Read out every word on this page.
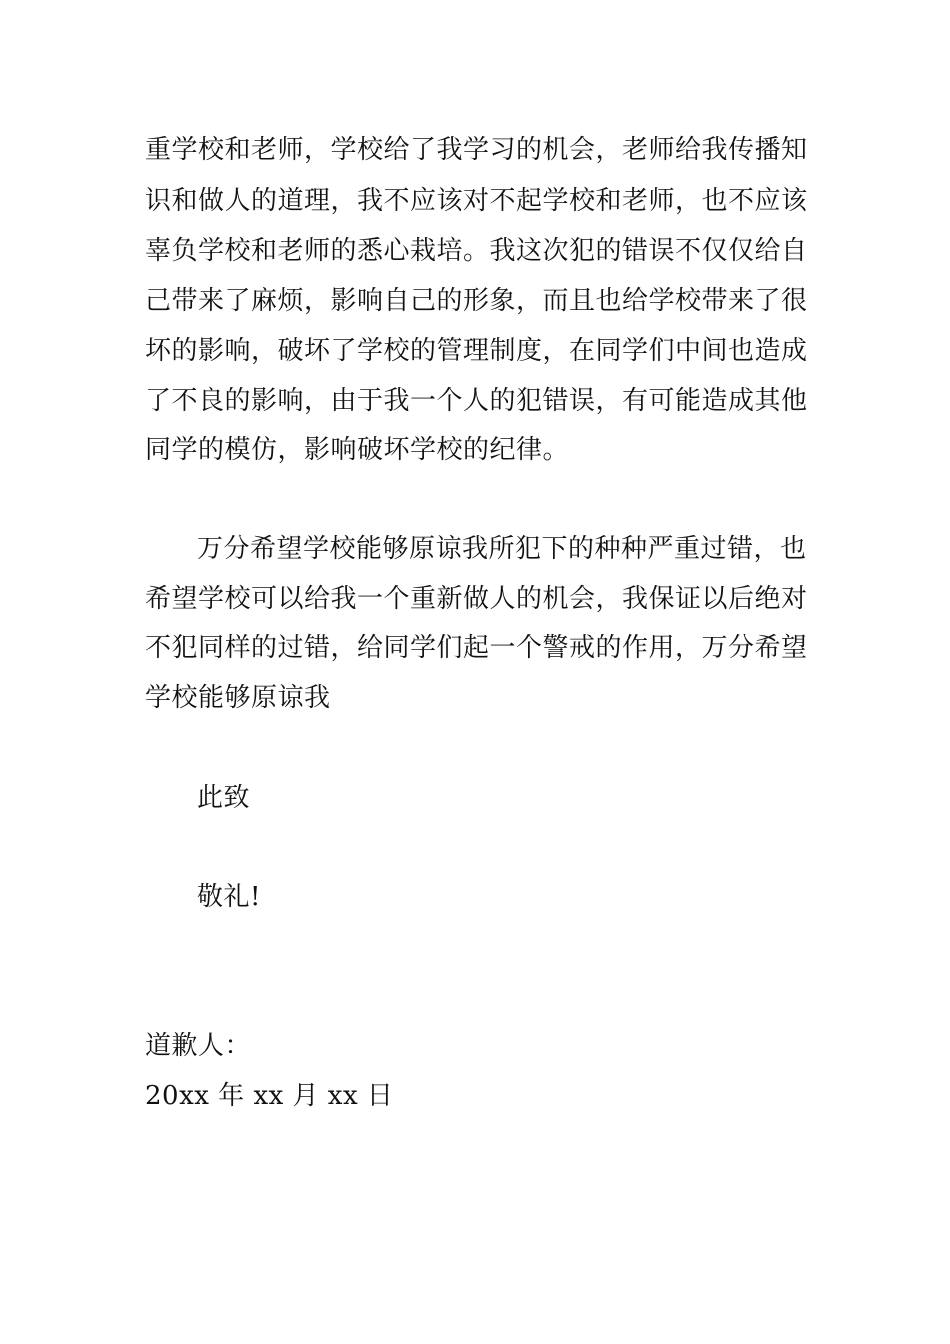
重学校和老师，学校给了我学习的机会，老师给我传播知
识和做人的道理，我不应该对不起学校和老师，也不应该
辜负学校和老师的悉心栽培。我这次犯的错误不仅仅给自
己带来了麻烦，影响自己的形象，而且也给学校带来了很
坏的影响，破坏了学校的管理制度，在同学们中间也造成
了不良的影响，由于我一个人的犯错误，有可能造成其他
同学的模仿，影响破坏学校的纪律。
万分希望学校能够原谅我所犯下的种种严重过错，也
希望学校可以给我一个重新做人的机会，我保证以后绝对
不犯同样的过错，给同学们起一个警戒的作用，万分希望
学校能够原谅我
此致
敬礼!
道歉人：
20xx 年 xx 月 xx 日
